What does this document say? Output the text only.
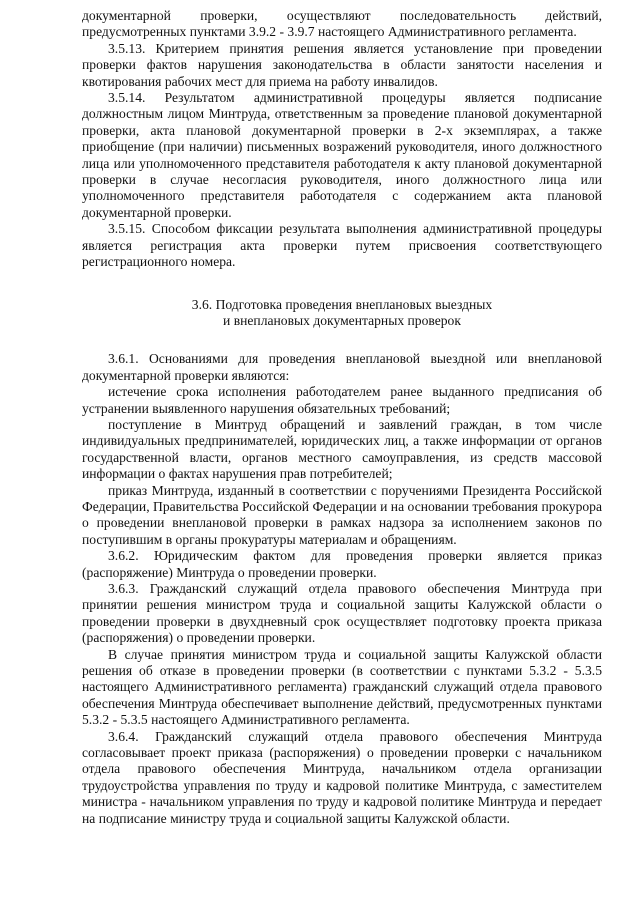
документарной проверки, осуществляют последовательность действий, предусмотренных пунктами 3.9.2 - 3.9.7 настоящего Административного регламента.

3.5.13. Критерием принятия решения является установление при проведении проверки фактов нарушения законодательства в области занятости населения и квотирования рабочих мест для приема на работу инвалидов.

3.5.14. Результатом административной процедуры является подписание должностным лицом Минтруда, ответственным за проведение плановой документарной проверки, акта плановой документарной проверки в 2-х экземплярах, а также приобщение (при наличии) письменных возражений руководителя, иного должностного лица или уполномоченного представителя работодателя к акту плановой документарной проверки в случае несогласия руководителя, иного должностного лица или уполномоченного представителя работодателя с содержанием акта плановой документарной проверки.

3.5.15. Способом фиксации результата выполнения административной процедуры является регистрация акта проверки путем присвоения соответствующего регистрационного номера.

3.6. Подготовка проведения внеплановых выездных
и внеплановых документарных проверок

3.6.1. Основаниями для проведения внеплановой выездной или внеплановой документарной проверки являются:

истечение срока исполнения работодателем ранее выданного предписания об устранении выявленного нарушения обязательных требований;

поступление в Минтруд обращений и заявлений граждан, в том числе индивидуальных предпринимателей, юридических лиц, а также информации от органов государственной власти, органов местного самоуправления, из средств массовой информации о фактах нарушения прав потребителей;

приказ Минтруда, изданный в соответствии с поручениями Президента Российской Федерации, Правительства Российской Федерации и на основании требования прокурора о проведении внеплановой проверки в рамках надзора за исполнением законов по поступившим в органы прокуратуры материалам и обращениям.

3.6.2. Юридическим фактом для проведения проверки является приказ (распоряжение) Минтруда о проведении проверки.

3.6.3. Гражданский служащий отдела правового обеспечения Минтруда при принятии решения министром труда и социальной защиты Калужской области о проведении проверки в двухдневный срок осуществляет подготовку проекта приказа (распоряжения) о проведении проверки.

В случае принятия министром труда и социальной защиты Калужской области решения об отказе в проведении проверки (в соответствии с пунктами 5.3.2 - 5.3.5 настоящего Административного регламента) гражданский служащий отдела правового обеспечения Минтруда обеспечивает выполнение действий, предусмотренных пунктами 5.3.2 - 5.3.5 настоящего Административного регламента.

3.6.4. Гражданский служащий отдела правового обеспечения Минтруда согласовывает проект приказа (распоряжения) о проведении проверки с начальником отдела правового обеспечения Минтруда, начальником отдела организации трудоустройства управления по труду и кадровой политике Минтруда, с заместителем министра - начальником управления по труду и кадровой политике Минтруда и передает на подписание министру труда и социальной защиты Калужской области.
